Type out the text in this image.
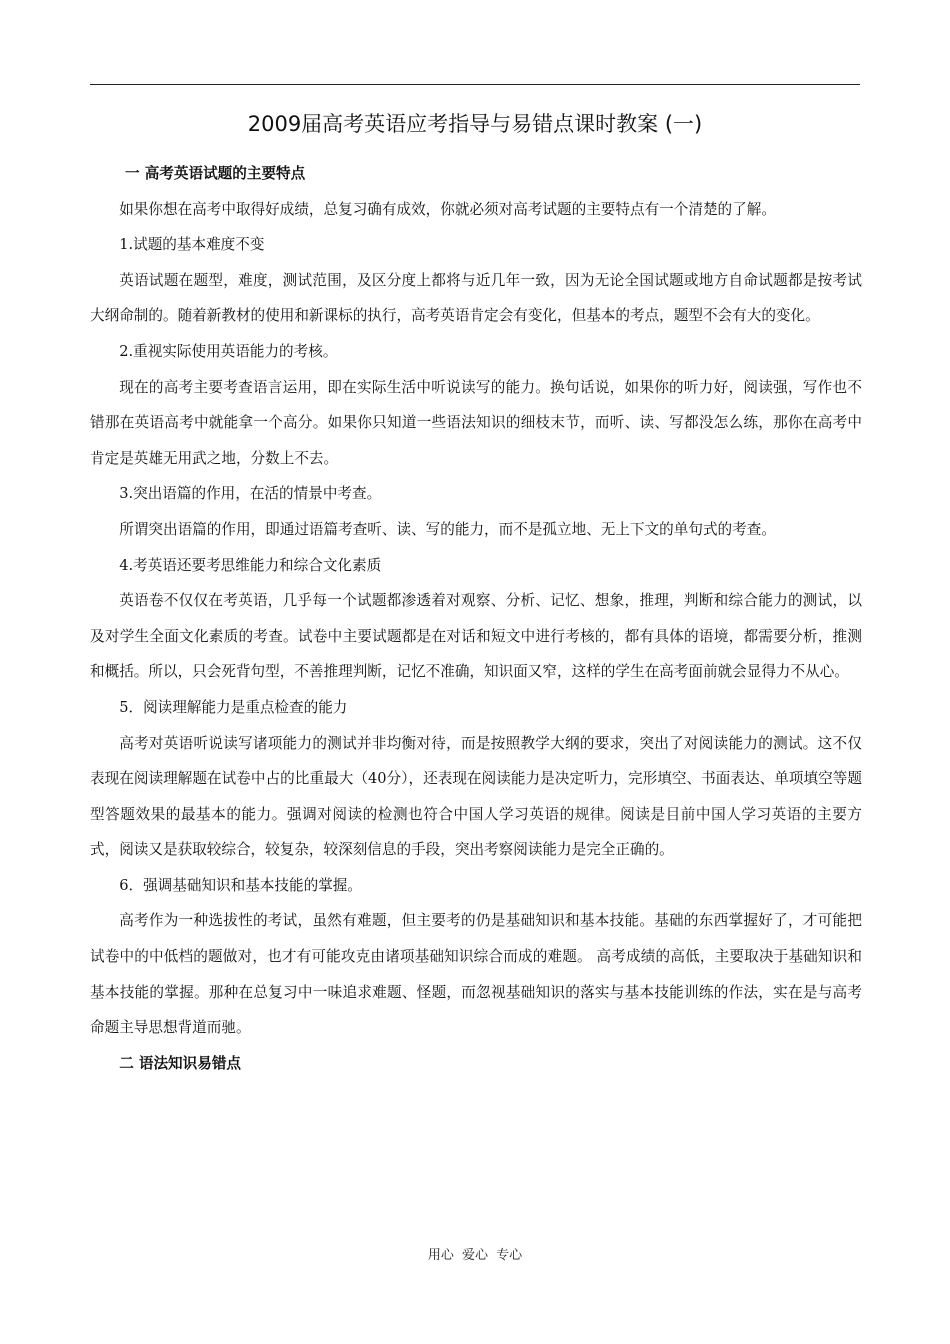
2009届高考英语应考指导与易错点课时教案 (一)

一 高考英语试题的主要特点

如果你想在高考中取得好成绩，总复习确有成效，你就必须对高考试题的主要特点有一个清楚的了解。

1.试题的基本难度不变

英语试题在题型，难度，测试范围，及区分度上都将与近几年一致，因为无论全国试题或地方自命试题都是按考试大纲命制的。随着新教材的使用和新课标的执行，高考英语肯定会有变化，但基本的考点，题型不会有大的变化。

2.重视实际使用英语能力的考核。

现在的高考主要考查语言运用，即在实际生活中听说读写的能力。换句话说，如果你的听力好，阅读强，写作也不错那在英语高考中就能拿一个高分。如果你只知道一些语法知识的细枝末节，而听、读、写都没怎么练，那你在高考中肯定是英雄无用武之地，分数上不去。

3.突出语篇的作用，在活的情景中考查。

所谓突出语篇的作用，即通过语篇考查听、读、写的能力，而不是孤立地、无上下文的单句式的考查。

4.考英语还要考思维能力和综合文化素质

英语卷不仅仅在考英语，几乎每一个试题都渗透着对观察、分析、记忆、想象，推理，判断和综合能力的测试，以及对学生全面文化素质的考查。试卷中主要试题都是在对话和短文中进行考核的，都有具体的语境，都需要分析，推测和概括。所以，只会死背句型，不善推理判断，记忆不准确，知识面又窄，这样的学生在高考面前就会显得力不从心。

5．阅读理解能力是重点检查的能力

高考对英语听说读写诸项能力的测试并非均衡对待，而是按照教学大纲的要求，突出了对阅读能力的测试。这不仅表现在阅读理解题在试卷中占的比重最大（40分），还表现在阅读能力是决定听力，完形填空、书面表达、单项填空等题型答题效果的最基本的能力。强调对阅读的检测也符合中国人学习英语的规律。阅读是目前中国人学习英语的主要方式，阅读又是获取较综合，较复杂，较深刻信息的手段，突出考察阅读能力是完全正确的。

6．强调基础知识和基本技能的掌握。

高考作为一种选拔性的考试，虽然有难题，但主要考的仍是基础知识和基本技能。基础的东西掌握好了，才可能把试卷中的中低档的题做对，也才有可能攻克由诸项基础知识综合而成的难题。 高考成绩的高低，主要取决于基础知识和基本技能的掌握。那种在总复习中一味追求难题、怪题，而忽视基础知识的落实与基本技能训练的作法，实在是与高考命题主导思想背道而驰。

二 语法知识易错点

用心 爱心 专心
